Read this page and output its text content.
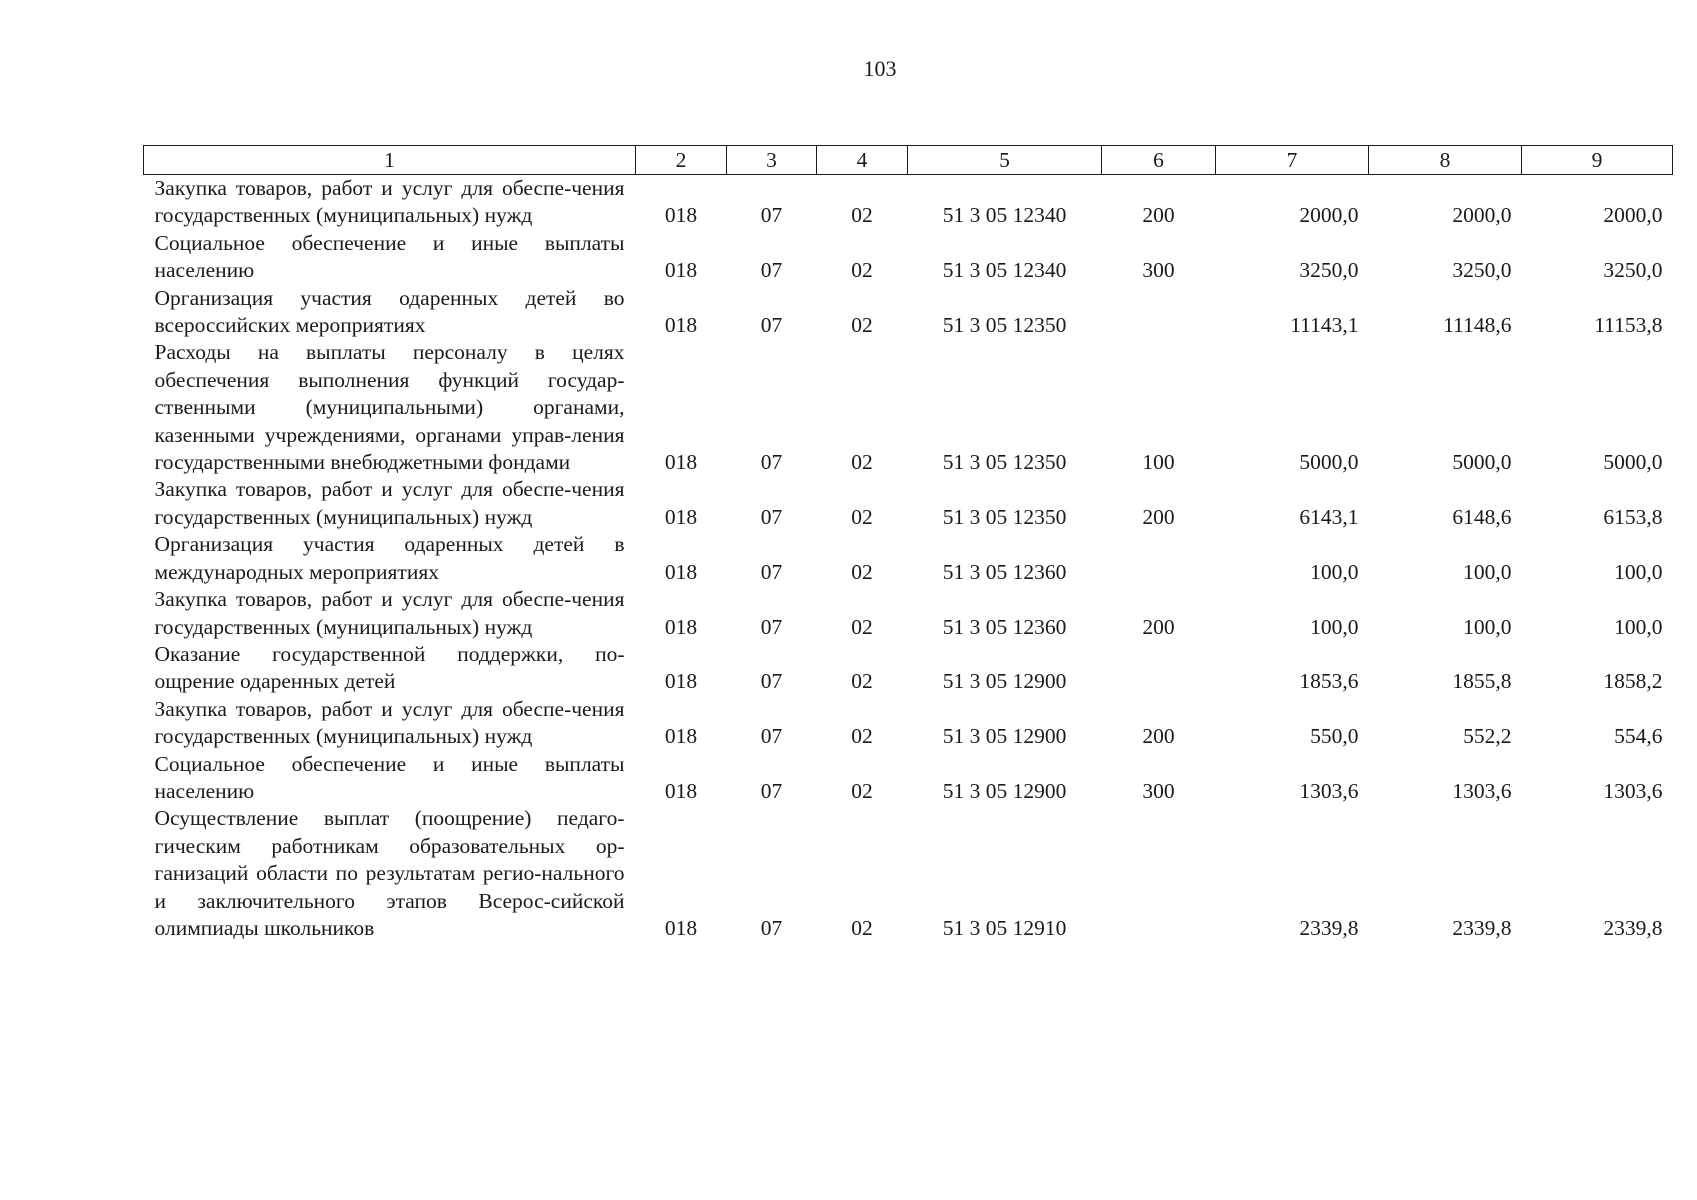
103
1	2	3	4	5	6	7	8	9
Закупка товаров, работ и услуг для обеспе-чения государственных (муниципальных) нужд	018	07	02	51 3 05 12340	200	2000,0	2000,0	2000,0
Социальное обеспечение и иные выплаты населению	018	07	02	51 3 05 12340	300	3250,0	3250,0	3250,0
Организация участия одаренных детей во всероссийских мероприятиях	018	07	02	51 3 05 12350		11143,1	11148,6	11153,8
Расходы на выплаты персоналу в целях обеспечения выполнения функций государ-ственными (муниципальными) органами, казенными учреждениями, органами управ-ления государственными внебюджетными фондами	018	07	02	51 3 05 12350	100	5000,0	5000,0	5000,0
Закупка товаров, работ и услуг для обеспе-чения государственных (муниципальных) нужд	018	07	02	51 3 05 12350	200	6143,1	6148,6	6153,8
Организация участия одаренных детей в международных мероприятиях	018	07	02	51 3 05 12360		100,0	100,0	100,0
Закупка товаров, работ и услуг для обеспе-чения государственных (муниципальных) нужд	018	07	02	51 3 05 12360	200	100,0	100,0	100,0
Оказание государственной поддержки, по-ощрение одаренных детей	018	07	02	51 3 05 12900		1853,6	1855,8	1858,2
Закупка товаров, работ и услуг для обеспе-чения государственных (муниципальных) нужд	018	07	02	51 3 05 12900	200	550,0	552,2	554,6
Социальное обеспечение и иные выплаты населению	018	07	02	51 3 05 12900	300	1303,6	1303,6	1303,6
Осуществление выплат (поощрение) педаго-гическим работникам образовательных ор-ганизаций области по результатам регио-нального и заключительного этапов Всерос-сийской олимпиады школьников	018	07	02	51 3 05 12910		2339,8	2339,8	2339,8
